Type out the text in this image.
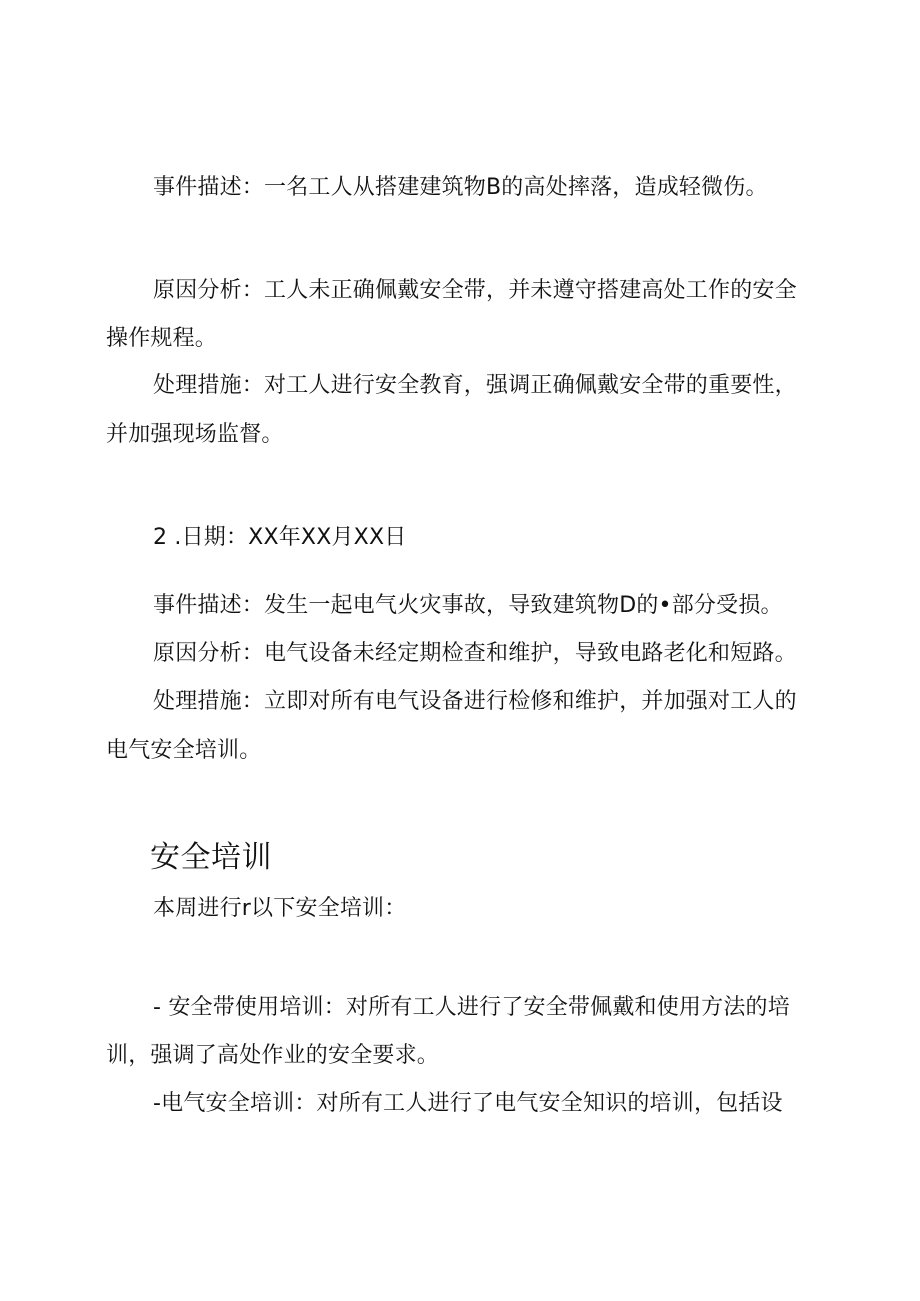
事件描述：一名工人从搭建建筑物B的高处摔落，造成轻微伤。
原因分析：工人未正确佩戴安全带，并未遵守搭建高处工作的安全
操作规程。
处理措施：对工人进行安全教育，强调正确佩戴安全带的重要性，
并加强现场监督。
2 .日期：XX年XX月XX日
事件描述：发生一起电气火灾事故，导致建筑物D的•部分受损。
原因分析：电气设备未经定期检查和维护，导致电路老化和短路。
处理措施：立即对所有电气设备进行检修和维护，并加强对工人的
电气安全培训。
安全培训
本周进行r以下安全培训：
- 安全带使用培训：对所有工人进行了安全带佩戴和使用方法的培
训，强调了高处作业的安全要求。
-电气安全培训：对所有工人进行了电气安全知识的培训，包括设
